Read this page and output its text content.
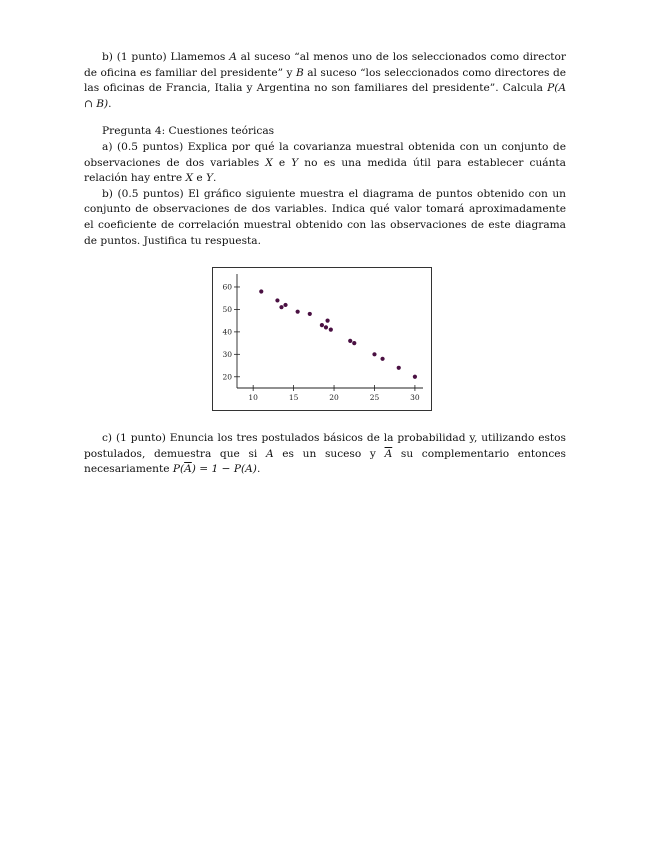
b) (1 punto) Llamemos A al suceso “al menos uno de los seleccionados como director de oficina es familiar del presidente” y B al suceso “los seleccionados como directores de las oficinas de Francia, Italia y Argentina no son familiares del presidente”. Calcula P(A ∩ B).

Pregunta 4: Cuestiones teóricas

a) (0.5 puntos) Explica por qué la covarianza muestral obtenida con un conjunto de observaciones de dos variables X e Y no es una medida útil para establecer cuánta relación hay entre X e Y.

b) (0.5 puntos) El gráfico siguiente muestra el diagrama de puntos obtenido con un conjunto de observaciones de dos variables. Indica qué valor tomará aproximadamente el coeficiente de correlación muestral obtenido con las observaciones de este diagrama de puntos. Justifica tu respuesta.

20
30
40
50
60
10	15	20	25	30

c) (1 punto) Enuncia los tres postulados básicos de la probabilidad y, utilizando estos postulados, demuestra que si A es un suceso y $\overline{A}$ su complementario entonces necesariamente $P(\overline{A}) = 1 - P(A)$.
